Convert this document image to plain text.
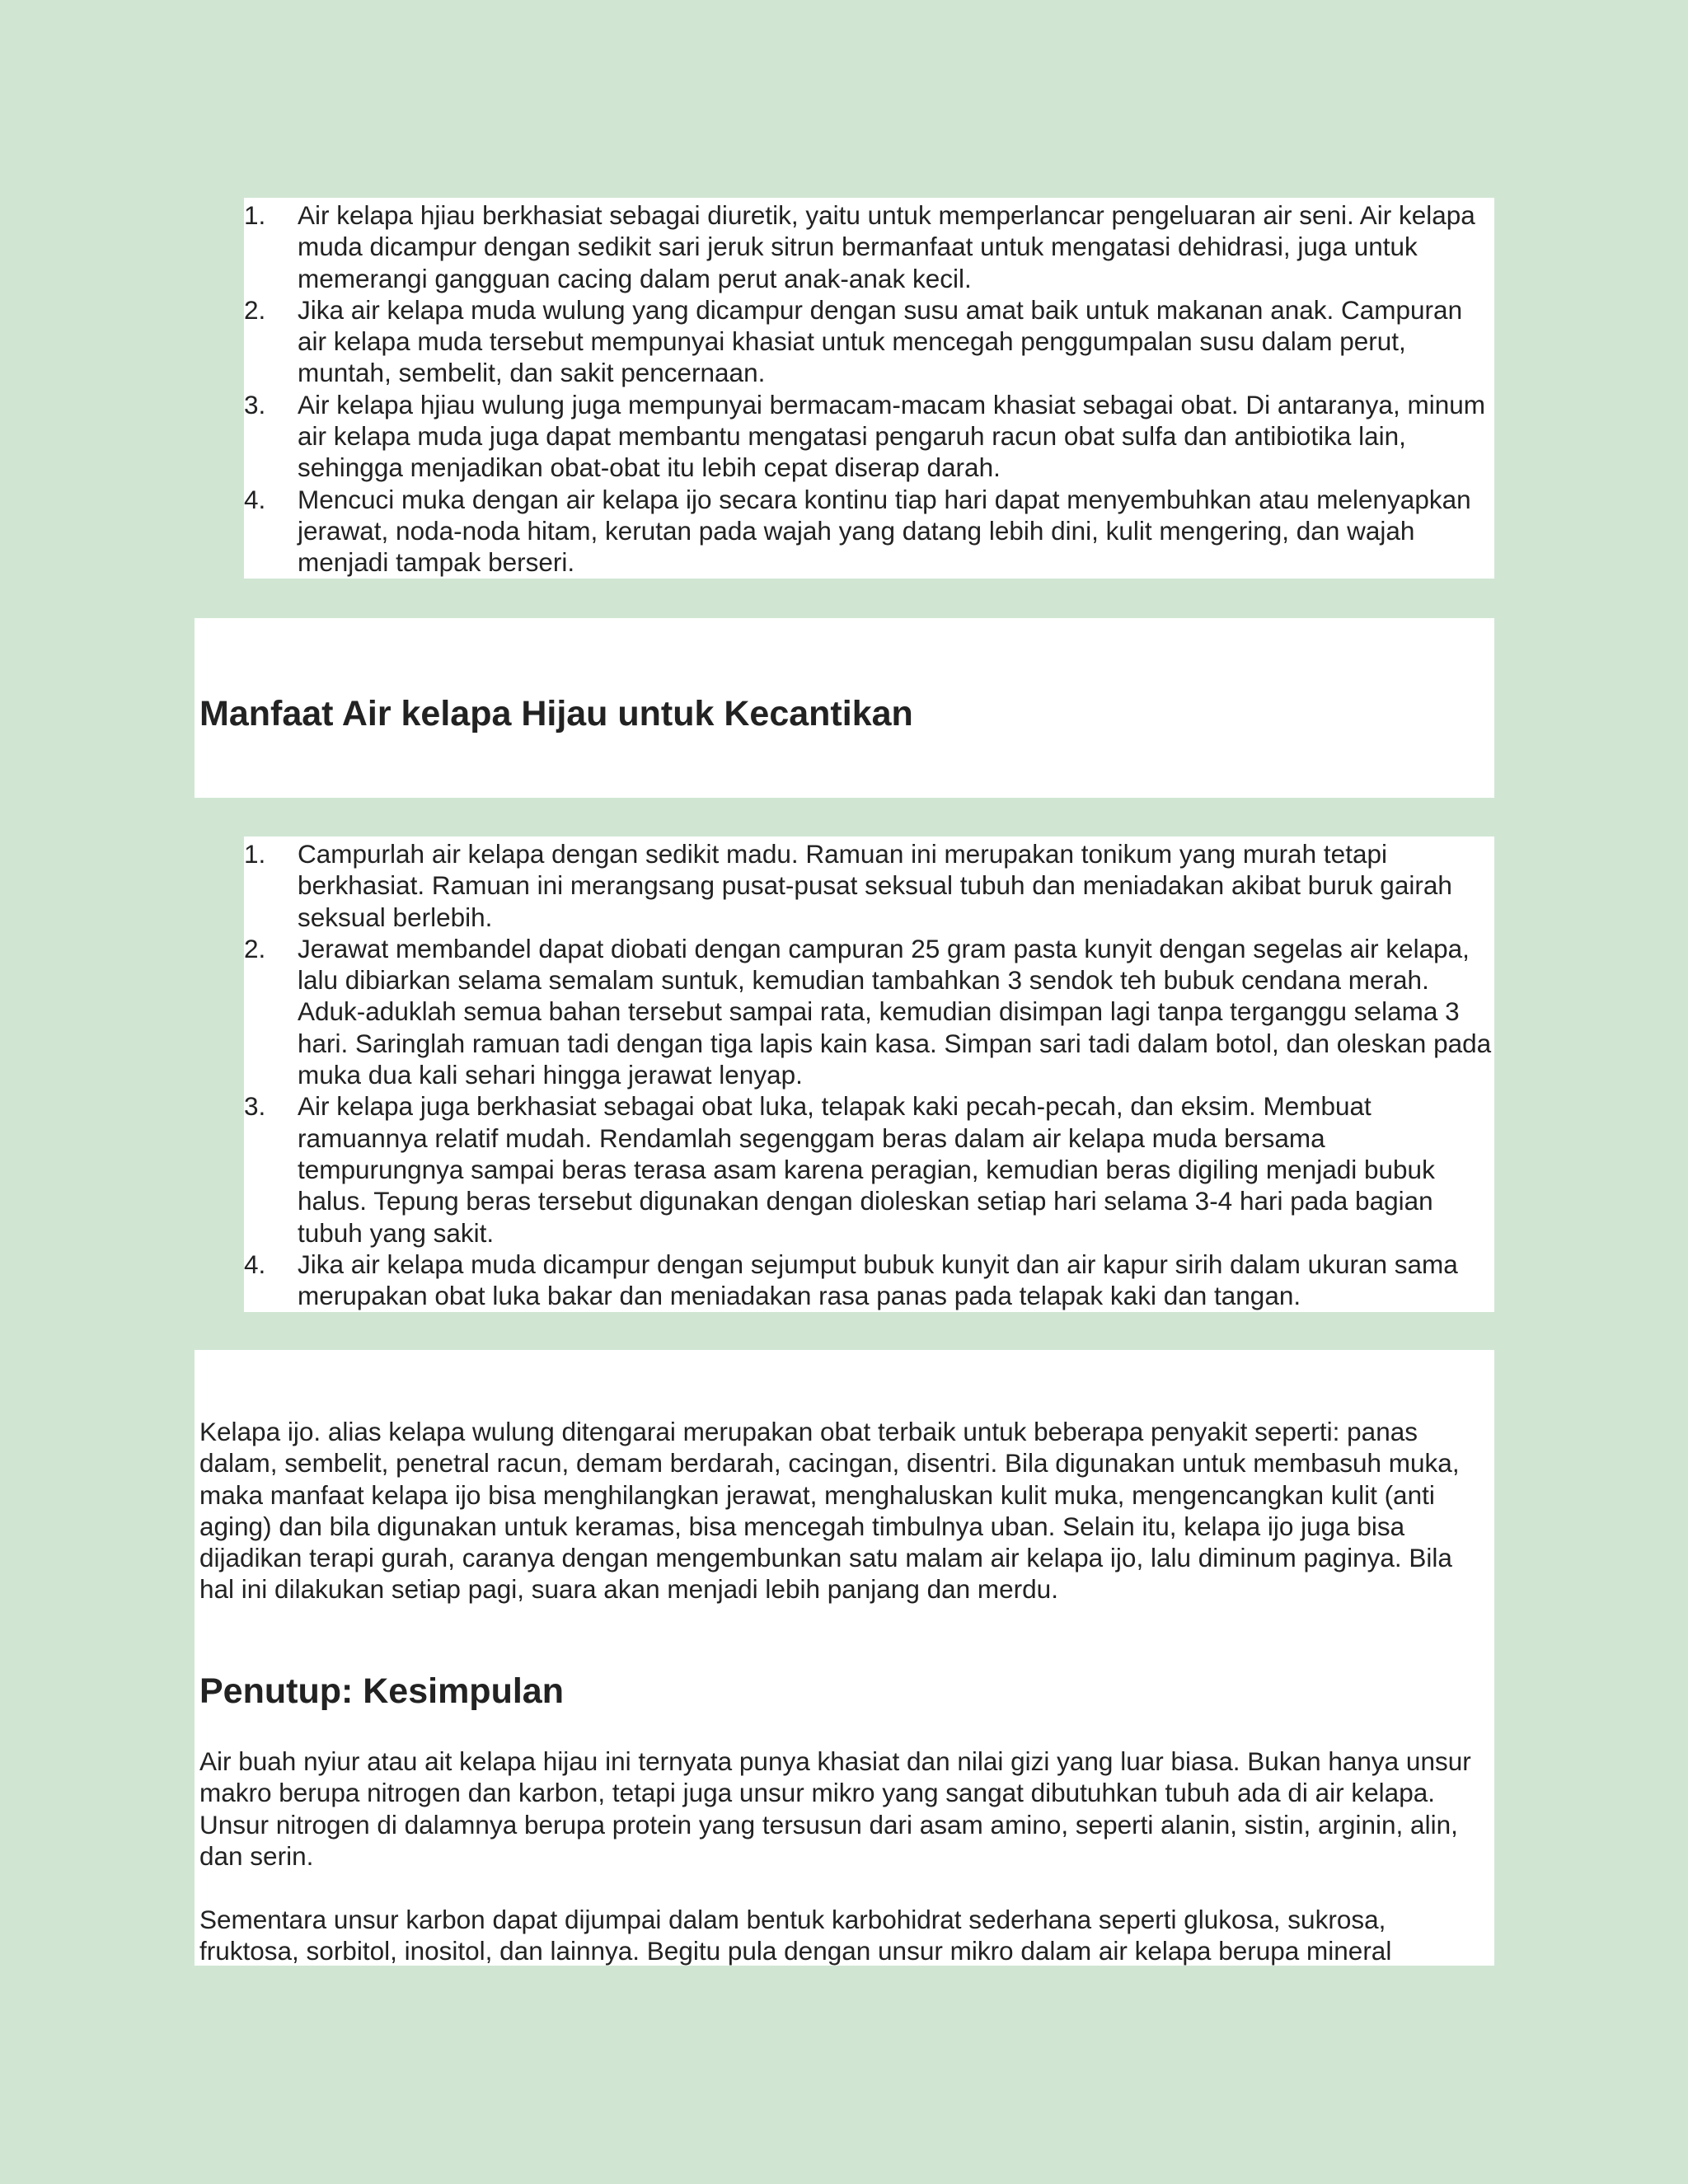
1.	Air kelapa hjiau berkhasiat sebagai diuretik, yaitu untuk memperlancar pengeluaran air seni. Air kelapa muda dicampur dengan sedikit sari jeruk sitrun bermanfaat untuk mengatasi dehidrasi, juga untuk memerangi gangguan cacing dalam perut anak-anak kecil.
2.	Jika air kelapa muda wulung yang dicampur dengan susu amat baik untuk makanan anak. Campuran air kelapa muda tersebut mempunyai khasiat untuk mencegah penggumpalan susu dalam perut, muntah, sembelit, dan sakit pencernaan.
3.	Air kelapa hjiau wulung juga mempunyai bermacam-macam khasiat sebagai obat. Di antaranya, minum air kelapa muda juga dapat membantu mengatasi pengaruh racun obat sulfa dan antibiotika lain, sehingga menjadikan obat-obat itu lebih cepat diserap darah.
4.	Mencuci muka dengan air kelapa ijo secara kontinu tiap hari dapat menyembuhkan atau melenyapkan jerawat, noda-noda hitam, kerutan pada wajah yang datang lebih dini, kulit mengering, dan wajah menjadi tampak berseri.
Manfaat Air kelapa Hijau untuk Kecantikan
1.	Campurlah air kelapa dengan sedikit madu. Ramuan ini merupakan tonikum yang murah tetapi berkhasiat. Ramuan ini merangsang pusat-pusat seksual tubuh dan meniadakan akibat buruk gairah seksual berlebih.
2.	Jerawat membandel dapat diobati dengan campuran 25 gram pasta kunyit dengan segelas air kelapa, lalu dibiarkan selama semalam suntuk, kemudian tambahkan 3 sendok teh bubuk cendana merah. Aduk-aduklah semua bahan tersebut sampai rata, kemudian disimpan lagi tanpa terganggu selama 3 hari. Saringlah ramuan tadi dengan tiga lapis kain kasa. Simpan sari tadi dalam botol, dan oleskan pada muka dua kali sehari hingga jerawat lenyap.
3.	Air kelapa juga berkhasiat sebagai obat luka, telapak kaki pecah-pecah, dan eksim. Membuat ramuannya relatif mudah. Rendamlah segenggam beras dalam air kelapa muda bersama tempurungnya sampai beras terasa asam karena peragian, kemudian beras digiling menjadi bubuk halus. Tepung beras tersebut digunakan dengan dioleskan setiap hari selama 3-4 hari pada bagian tubuh yang sakit.
4.	Jika air kelapa muda dicampur dengan sejumput bubuk kunyit dan air kapur sirih dalam ukuran sama merupakan obat luka bakar dan meniadakan rasa panas pada telapak kaki dan tangan.

Kelapa ijo. alias kelapa wulung ditengarai merupakan obat terbaik untuk beberapa penyakit seperti: panas dalam, sembelit, penetral racun, demam berdarah, cacingan, disentri. Bila digunakan untuk membasuh muka, maka manfaat kelapa ijo bisa menghilangkan jerawat, menghaluskan kulit muka, mengencangkan kulit (anti aging) dan bila digunakan untuk keramas, bisa mencegah timbulnya uban. Selain itu, kelapa ijo juga bisa dijadikan terapi gurah, caranya dengan mengembunkan satu malam air kelapa ijo, lalu diminum paginya. Bila hal ini dilakukan setiap pagi, suara akan menjadi lebih panjang dan merdu.

Penutup: Kesimpulan

Air buah nyiur atau ait kelapa hijau ini ternyata punya khasiat dan nilai gizi yang luar biasa. Bukan hanya unsur makro berupa nitrogen dan karbon, tetapi juga unsur mikro yang sangat dibutuhkan tubuh ada di air kelapa. Unsur nitrogen di dalamnya berupa protein yang tersusun dari asam amino, seperti alanin, sistin, arginin, alin, dan serin.

Sementara unsur karbon dapat dijumpai dalam bentuk karbohidrat sederhana seperti glukosa, sukrosa, fruktosa, sorbitol, inositol, dan lainnya. Begitu pula dengan unsur mikro dalam air kelapa berupa mineral
